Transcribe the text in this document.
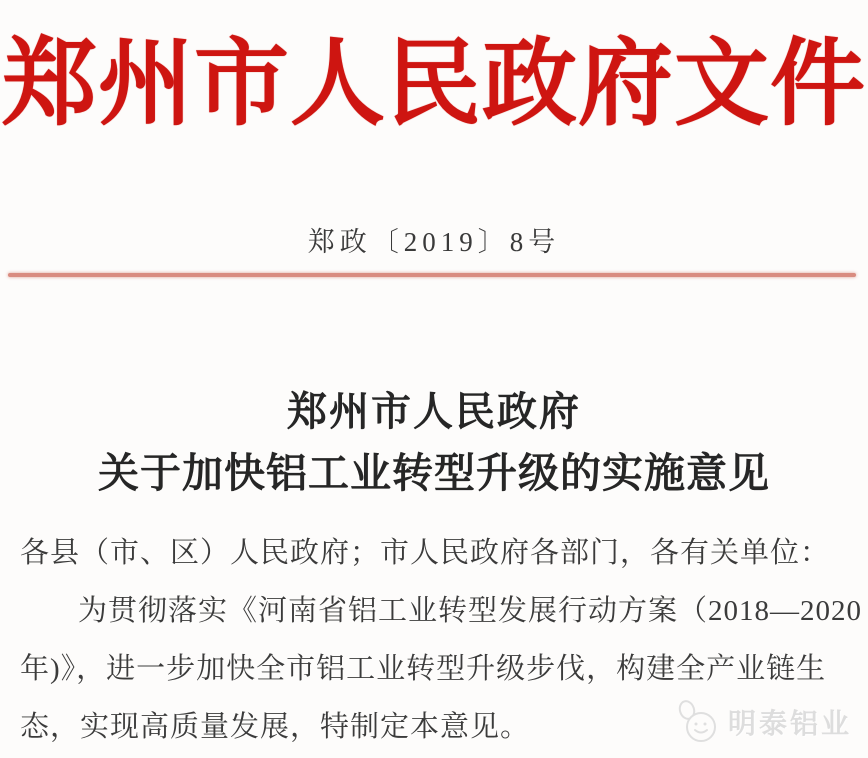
郑州市人民政府文件
郑政〔2019〕8号
郑州市人民政府
关于加快铝工业转型升级的实施意见

各县（市、区）人民政府；市人民政府各部门，各有关单位：

为贯彻落实《河南省铝工业转型发展行动方案（2018—2020

年)》，进一步加快全市铝工业转型升级步伐，构建全产业链生

态，实现高质量发展，特制定本意见。	明泰铝业
